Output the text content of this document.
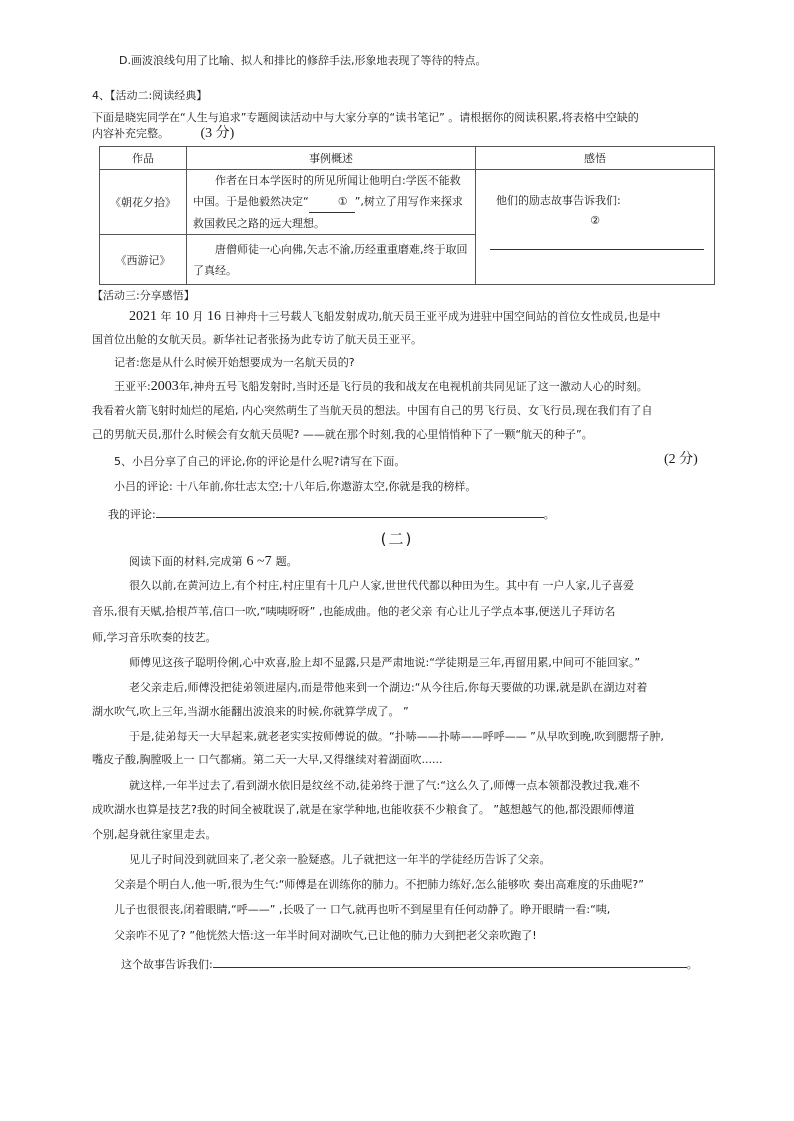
D.画波浪线句用了比喻、拟人和排比的修辞手法,形象地表现了等待的特点。
4、【活动二:阅读经典】
下面是晓宪同学在“人生与追求”专题阅读活动中与大家分享的“读书笔记” 。请根据你的阅读积累,将表格中空缺的
内容补充完整。 (3 分)
作品	事例概述	感悟
《朝花夕拾》	作者在日本学医时的所见所闻让他明白:学医不能救中国。于是他毅然决定“ ① ”,树立了用写作来探求救国救民之路的远大理想。	他们的励志故事告诉我们:
②

《西游记》	唐僧师徒一心向佛,矢志不渝,历经重重磨难,终于取回了真经。	
【活动三:分享感悟】
2021 年 10 月 16 日神舟十三号载人飞船发射成功,航天员王亚平成为进驻中国空间站的首位女性成员,也是中
国首位出舱的女航天员。新华社记者张扬为此专访了航天员王亚平。
记者:您是从什么时候开始想要成为一名航天员的?
王亚平:2003年,神舟五号飞船发射时,当时还是飞行员的我和战友在电视机前共同见证了这一激动人心的时刻。
我看着火箭飞射时灿烂的尾焰, 内心突然萌生了当航天员的想法。中国有自己的男飞行员、女飞行员,现在我们有了自
己的男航天员,那什么时候会有女航天员呢? ——就在那个时刻,我的心里悄悄种下了一颗“航天的种子”。
5、小吕分享了自己的评论,你的评论是什么呢?请写在下面。	(2 分)
小吕的评论: 十八年前,你壮志太空;十八年后,你遨游太空,你就是我的榜样。
我的评论:	。
(二)
阅读下面的材料,完成第 6 ~7 题。
很久以前,在黄河边上,有个村庄,村庄里有十几户人家,世世代代都以种田为生。其中有 一户人家,儿子喜爱
音乐,很有天赋,拾根芦苇,信口一吹,“咦咦呀呀” ,也能成曲。他的老父亲 有心让儿子学点本事,便送儿子拜访名
师,学习音乐吹奏的技艺。
师傅见这孩子聪明伶俐,心中欢喜,脸上却不显露,只是严肃地说:“学徒期是三年,再留用累,中间可不能回家。”
老父亲走后,师傅没把徒弟领进屋内,而是带他来到一个湖边:“从今往后,你每天要做的功课,就是趴在湖边对着
湖水吹气,吹上三年,当湖水能翻出波浪来的时候,你就算学成了。 ”
于是,徒弟每天一大早起来,就老老实实按师傅说的做。“扑哧——扑哧——呼呼—— ”从早吹到晚,吹到腮帮子肿,
嘴皮子酸,胸膛吸上一 口气都痛。第二天一大早,又得继续对着湖面吹......
就这样,一年半过去了,看到湖水依旧是纹丝不动,徒弟终于泄了气:“这么久了,师傅一点本领都没教过我,难不
成吹湖水也算是技艺?我的时间全被耽误了,就是在家学种地,也能收获不少粮食了。 ”越想越气的他,都没跟师傅道
个别,起身就往家里走去。
见儿子时间没到就回来了,老父亲一脸疑惑。儿子就把这一年半的学徒经历告诉了父亲。
父亲是个明白人,他一听,很为生气:“师傅是在训练你的肺力。不把肺力练好,怎么能够吹 奏出高难度的乐曲呢?”
儿子也很很丧,闭着眼睛,“呼——” ,长吸了一 口气,就再也听不到屋里有任何动静了。睁开眼睛一看:“咦,
父亲咋不见了? ”他恍然大悟:这一年半时间对湖吹气,已让他的肺力大到把老父亲吹跑了!
这个故事告诉我们:	。
